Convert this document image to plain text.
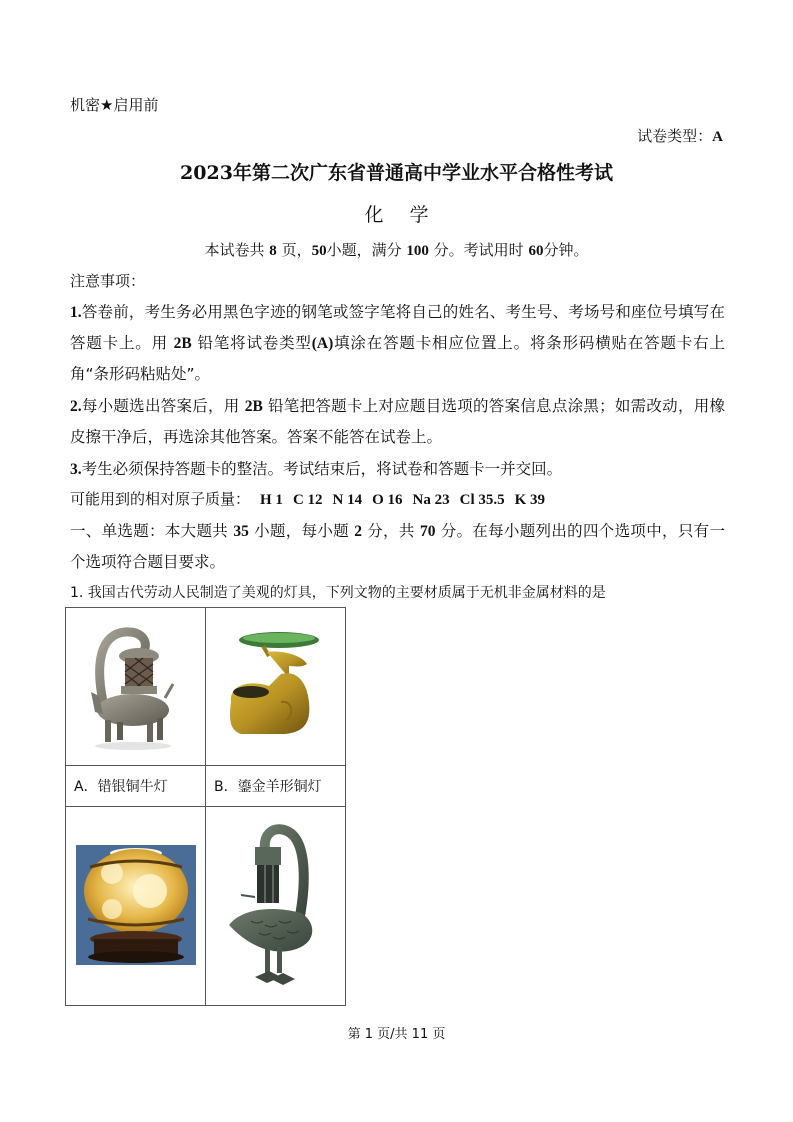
机密★启用前
试卷类型：A
2023年第二次广东省普通高中学业水平合格性考试
化学
本试卷共 8 页，50小题，满分 100 分。考试用时 60分钟。
注意事项：
1.答卷前，考生务必用黑色字迹的钢笔或签字笔将自己的姓名、考生号、考场号和座位号填写在答题卡上。用 2B 铅笔将试卷类型(A)填涂在答题卡相应位置上。将条形码横贴在答题卡右上角“条形码粘贴处”。
2.每小题选出答案后，用 2B 铅笔把答题卡上对应题目选项的答案信息点涂黑；如需改动，用橡皮擦干净后，再选涂其他答案。答案不能答在试卷上。
3.考生必须保持答题卡的整洁。考试结束后，将试卷和答题卡一并交回。
可能用到的相对原子质量： H 1 C 12 N 14 O 16 Na 23 Cl 35.5 K 39
一、单选题：本大题共 35 小题，每小题 2 分，共 70 分。在每小题列出的四个选项中，只有一个选项符合题目要求。
1. 我国古代劳动人民制造了美观的灯具，下列文物的主要材质属于无机非金属材料的是

A．错银铜牛灯	B．鎏金羊形铜灯

第 1 页/共 11 页
